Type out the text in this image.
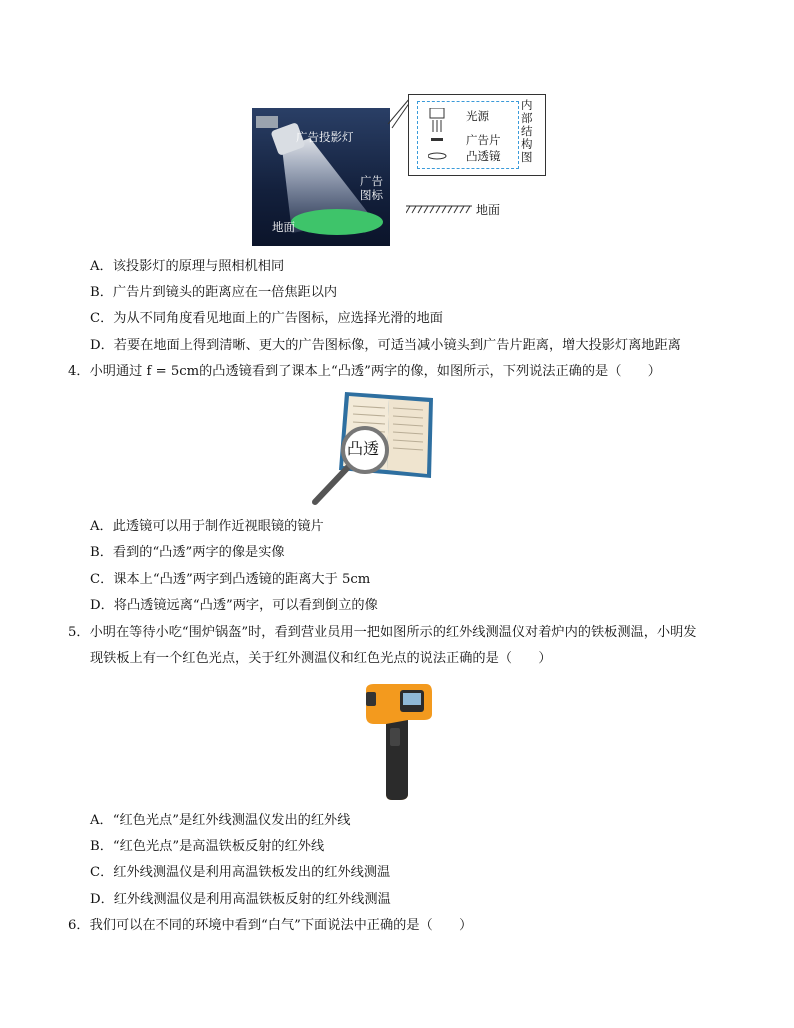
广告投影灯
广告
图标
地面
光源
广告片
凸透镜
内
部
结
构
图
地面
A．该投影灯的原理与照相机相同
B．广告片到镜头的距离应在一倍焦距以内
C．为从不同角度看见地面上的广告图标，应选择光滑的地面
D．若要在地面上得到清晰、更大的广告图标像，可适当减小镜头到广告片距离，增大投影灯离地距离
4．小明通过 f = 5cm的凸透镜看到了课本上“凸透”两字的像，如图所示，下列说法正确的是（　　）
凸透
A．此透镜可以用于制作近视眼镜的镜片
B．看到的“凸透”两字的像是实像
C．课本上“凸透”两字到凸透镜的距离大于 5cm
D．将凸透镜远离“凸透”两字，可以看到倒立的像
5．小明在等待小吃“围炉锅盔”时，看到营业员用一把如图所示的红外线测温仪对着炉内的铁板测温，小明发
现铁板上有一个红色光点，关于红外测温仪和红色光点的说法正确的是（　　）
A．“红色光点”是红外线测温仪发出的红外线
B．“红色光点”是高温铁板反射的红外线
C．红外线测温仪是利用高温铁板发出的红外线测温
D．红外线测温仪是利用高温铁板反射的红外线测温
6．我们可以在不同的环境中看到“白气”下面说法中正确的是（　　）
